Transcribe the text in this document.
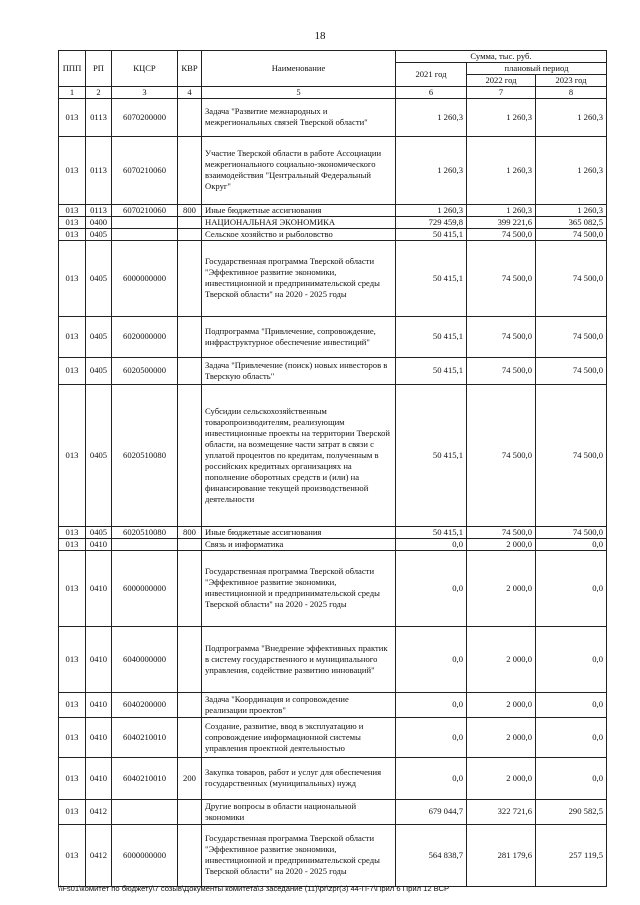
18
ППП	РП	КЦСР	КВР	Наименование	Сумма, тыс. руб.		
					2021 год	плановый период	
						2022 год	2023 год
1	2	3	4	5	6	7	8
013	0113	6070200000		Задача "Развитие межнародных и межрегиональных связей Тверской области"	1 260,3	1 260,3	1 260,3
013	0113	6070210060		Участие Тверской области в работе Ассоциации межрегионального социально-экономического взаимодействия "Центральный Федеральный Округ"	1 260,3	1 260,3	1 260,3
013	0113	6070210060	800	Иные бюджетные ассигнования	1 260,3	1 260,3	1 260,3
013	0400			НАЦИОНАЛЬНАЯ ЭКОНОМИКА	729 459,8	399 221,6	365 082,5
013	0405			Сельское хозяйство и рыболовство	50 415,1	74 500,0	74 500,0
013	0405	6000000000		Государственная программа Тверской области "Эффективное развитие экономики, инвестиционной и предпринимательской среды Тверской области" на 2020 - 2025 годы	50 415,1	74 500,0	74 500,0
013	0405	6020000000		Подпрограмма "Привлечение, сопровождение, инфраструктурное обеспечение инвестиций"	50 415,1	74 500,0	74 500,0
013	0405	6020500000		Задача "Привлечение (поиск) новых инвесторов в Тверскую область"	50 415,1	74 500,0	74 500,0
013	0405	6020510080		Субсидии сельскохозяйственным товаропроизводителям, реализующим инвестиционные проекты на территории Тверской области, на возмещение части затрат в связи с уплатой процентов по кредитам, полученным в российских кредитных организациях на пополнение оборотных средств и (или) на финансирование текущей производственной деятельности	50 415,1	74 500,0	74 500,0
013	0405	6020510080	800	Иные бюджетные ассигнования	50 415,1	74 500,0	74 500,0
013	0410			Связь и информатика	0,0	2 000,0	0,0
013	0410	6000000000		Государственная программа Тверской области "Эффективное развитие экономики, инвестиционной и предпринимательской среды Тверской области" на 2020 - 2025 годы	0,0	2 000,0	0,0
013	0410	6040000000		Подпрограмма "Внедрение эффективных практик в систему государственного и муниципального управления, содействие развитию инноваций"	0,0	2 000,0	0,0
013	0410	6040200000		Задача "Координация и сопровождение реализации проектов"	0,0	2 000,0	0,0
013	0410	6040210010		Создание, развитие, ввод в эксплуатацию и сопровождение информационной системы управления проектной деятельностью	0,0	2 000,0	0,0
013	0410	6040210010	200	Закупка товаров, работ и услуг для обеспечения государственных (муниципальных) нужд	0,0	2 000,0	0,0
013	0412			Другие вопросы в области национальной экономики	679 044,7	322 721,6	290 582,5
013	0412	6000000000		Государственная программа Тверской области "Эффективное развитие экономики, инвестиционной и предпринимательской среды Тверской области" на 2020 - 2025 годы	564 838,7	281 179,6	257 119,5
\\Fs01\комитет по бюджету\7 созыв\Документы комитета\3 заседание (11)\pr\zpr(3) 44-П-7\Прил 6 Прил 12 ВСР
